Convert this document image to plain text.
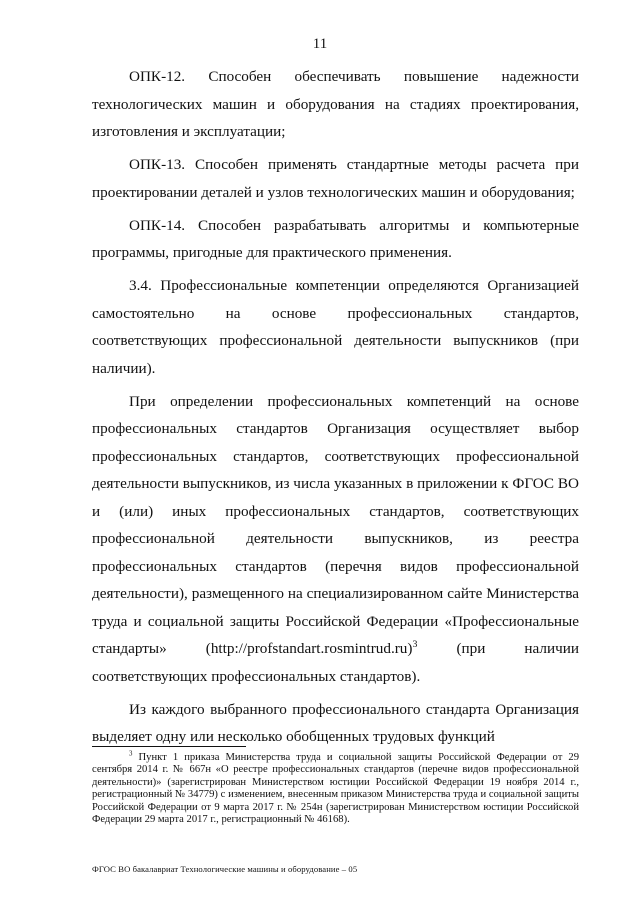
11

ОПК-12. Способен обеспечивать повышение надежности технологических машин и оборудования на стадиях проектирования, изготовления и эксплуатации;

ОПК-13. Способен применять стандартные методы расчета при проектировании деталей и узлов технологических машин и оборудования;

ОПК-14. Способен разрабатывать алгоритмы и компьютерные программы, пригодные для практического применения.

3.4. Профессиональные компетенции определяются Организацией самостоятельно на основе профессиональных стандартов, соответствующих профессиональной деятельности выпускников (при наличии).

При определении профессиональных компетенций на основе профессиональных стандартов Организация осуществляет выбор профессиональных стандартов, соответствующих профессиональной деятельности выпускников, из числа указанных в приложении к ФГОС ВО и (или) иных профессиональных стандартов, соответствующих профессиональной деятельности выпускников, из реестра профессиональных стандартов (перечня видов профессиональной деятельности), размещенного на специализированном сайте Министерства труда и социальной защиты Российской Федерации «Профессиональные стандарты» (http://profstandart.rosmintrud.ru)$^3$ (при наличии соответствующих профессиональных стандартов).

Из каждого выбранного профессионального стандарта Организация выделяет одну или несколько обобщенных трудовых функций

$^3$ Пункт 1 приказа Министерства труда и социальной защиты Российской Федерации от 29 сентября 2014 г. № 667н «О реестре профессиональных стандартов (перечне видов профессиональной деятельности)» (зарегистрирован Министерством юстиции Российской Федерации 19 ноября 2014 г., регистрационный № 34779) с изменением, внесенным приказом Министерства труда и социальной защиты Российской Федерации от 9 марта 2017 г. № 254н (зарегистрирован Министерством юстиции Российской Федерации 29 марта 2017 г., регистрационный № 46168).
ФГОС ВО бакалавриат Технологические машины и оборудование – 05
